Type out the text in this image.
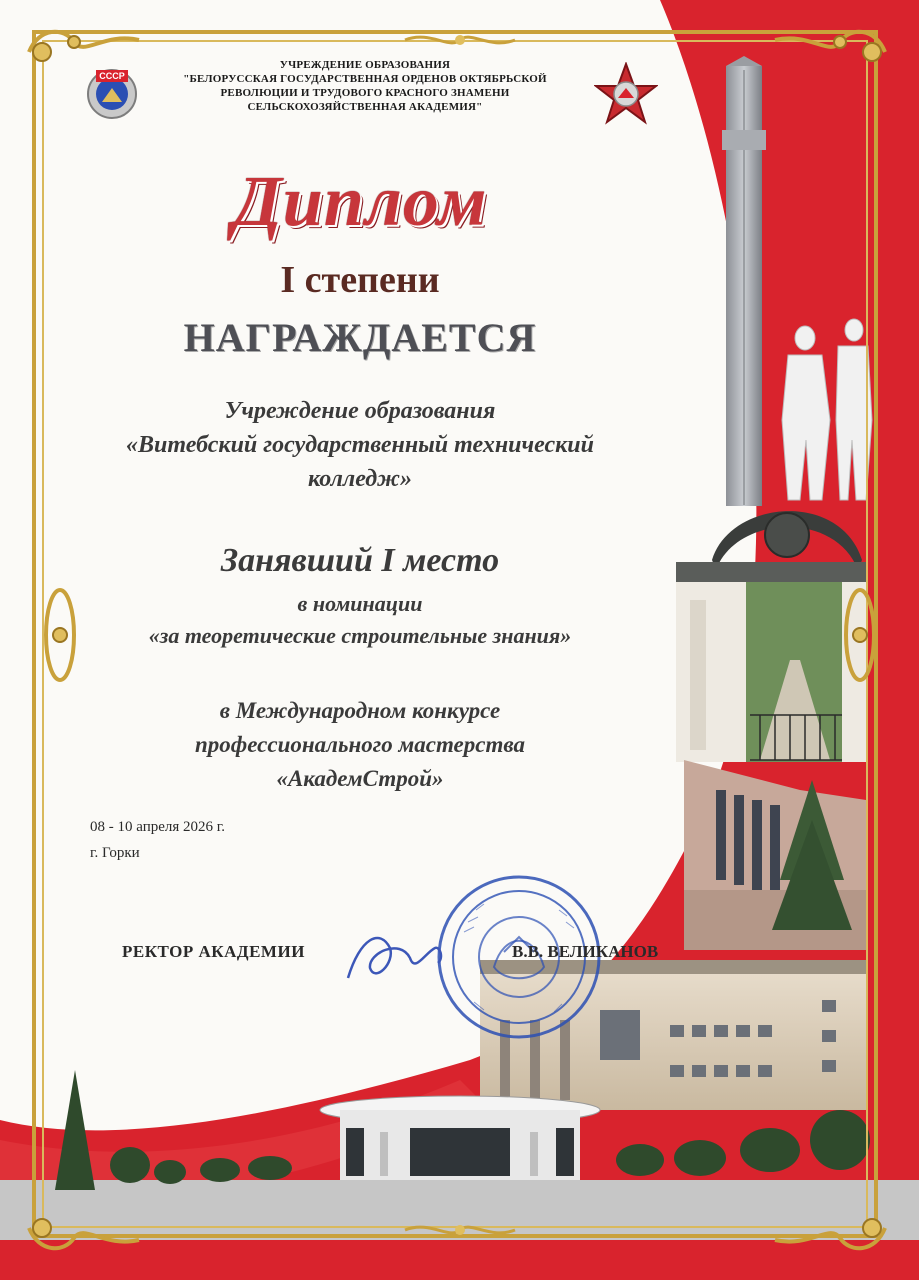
СССР
УЧРЕЖДЕНИЕ ОБРАЗОВАНИЯ
"БЕЛОРУССКАЯ ГОСУДАРСТВЕННАЯ ОРДЕНОВ ОКТЯБРЬСКОЙ
РЕВОЛЮЦИИ И ТРУДОВОГО КРАСНОГО ЗНАМЕНИ
СЕЛЬСКОХОЗЯЙСТВЕННАЯ АКАДЕМИЯ"
Диплом
I степени
НАГРАЖДАЕТСЯ
Учреждение образования
«Витебский государственный технический
колледж»
Занявший I место
в номинации
«за теоретические строительные знания»
в Международном конкурсе
профессионального мастерства
«АкадемСтрой»
08 - 10 апреля 2026 г.
г. Горки
РЕКТОР АКАДЕМИИ	В.В. ВЕЛИКАНОВ
